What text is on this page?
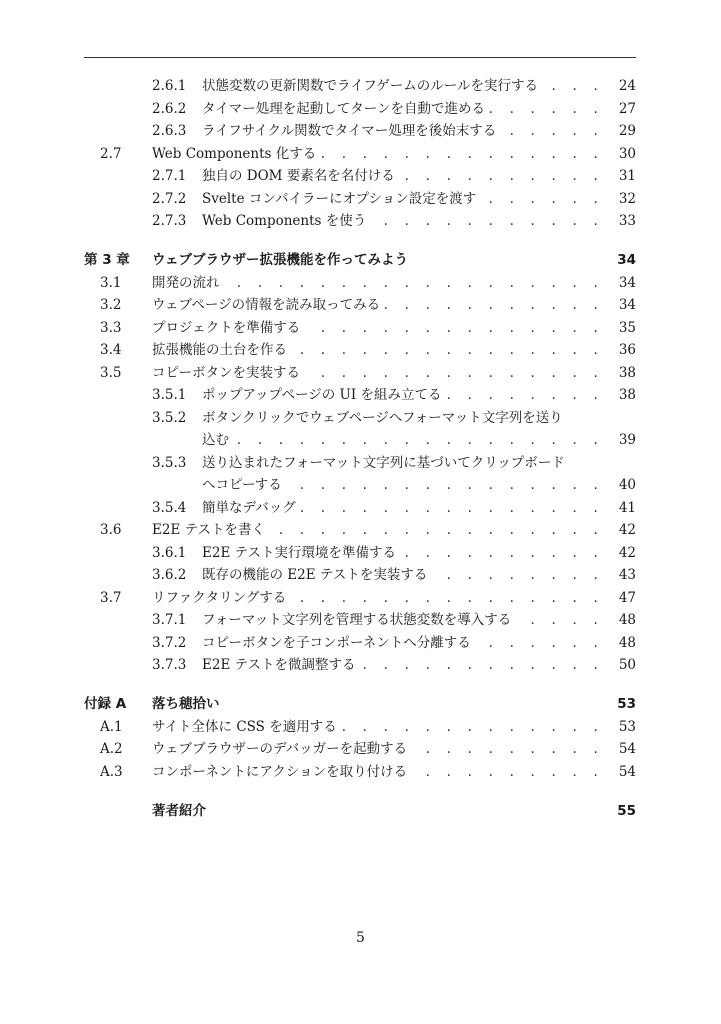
2.6.1 状態変数の更新関数でライフゲームのルールを実行する . . .	24
2.6.2 タイマー処理を起動してターンを自動で進める . . .	27
2.6.3 ライフサイクル関数でタイマー処理を後始末する . . .	29
2.7 Web Components 化する . . .	30
2.7.1 独自の DOM 要素名を名付ける . . .	31
2.7.2 Svelte コンパイラーにオプション設定を渡す . . .	32
2.7.3 Web Components を使う . . .	33
第 3 章 ウェブブラウザー拡張機能を作ってみよう	34
3.1 開発の流れ . . .	34
3.2 ウェブページの情報を読み取ってみる . . .	34
3.3 プロジェクトを準備する . . .	35
3.4 拡張機能の土台を作る . . .	36
3.5 コピーボタンを実装する . . .	38
3.5.1 ポップアップページの UI を組み立てる . . .	38
3.5.2 ボタンクリックでウェブページへフォーマット文字列を送り
込む . . .	39
3.5.3 送り込まれたフォーマット文字列に基づいてクリップボード
へコピーする . . .	40
3.5.4 簡単なデバッグ . . .	41
3.6 E2E テストを書く . . .	42
3.6.1 E2E テスト実行環境を準備する . . .	42
3.6.2 既存の機能の E2E テストを実装する . . .	43
3.7 リファクタリングする . . .	47
3.7.1 フォーマット文字列を管理する状態変数を導入する . . .	48
3.7.2 コピーボタンを子コンポーネントへ分離する . . .	48
3.7.3 E2E テストを微調整する . . .	50
付録 A 落ち穂拾い	53
A.1 サイト全体に CSS を適用する . . .	53
A.2 ウェブブラウザーのデバッガーを起動する . . .	54
A.3 コンポーネントにアクションを取り付ける . . .	54
著者紹介	55
5
